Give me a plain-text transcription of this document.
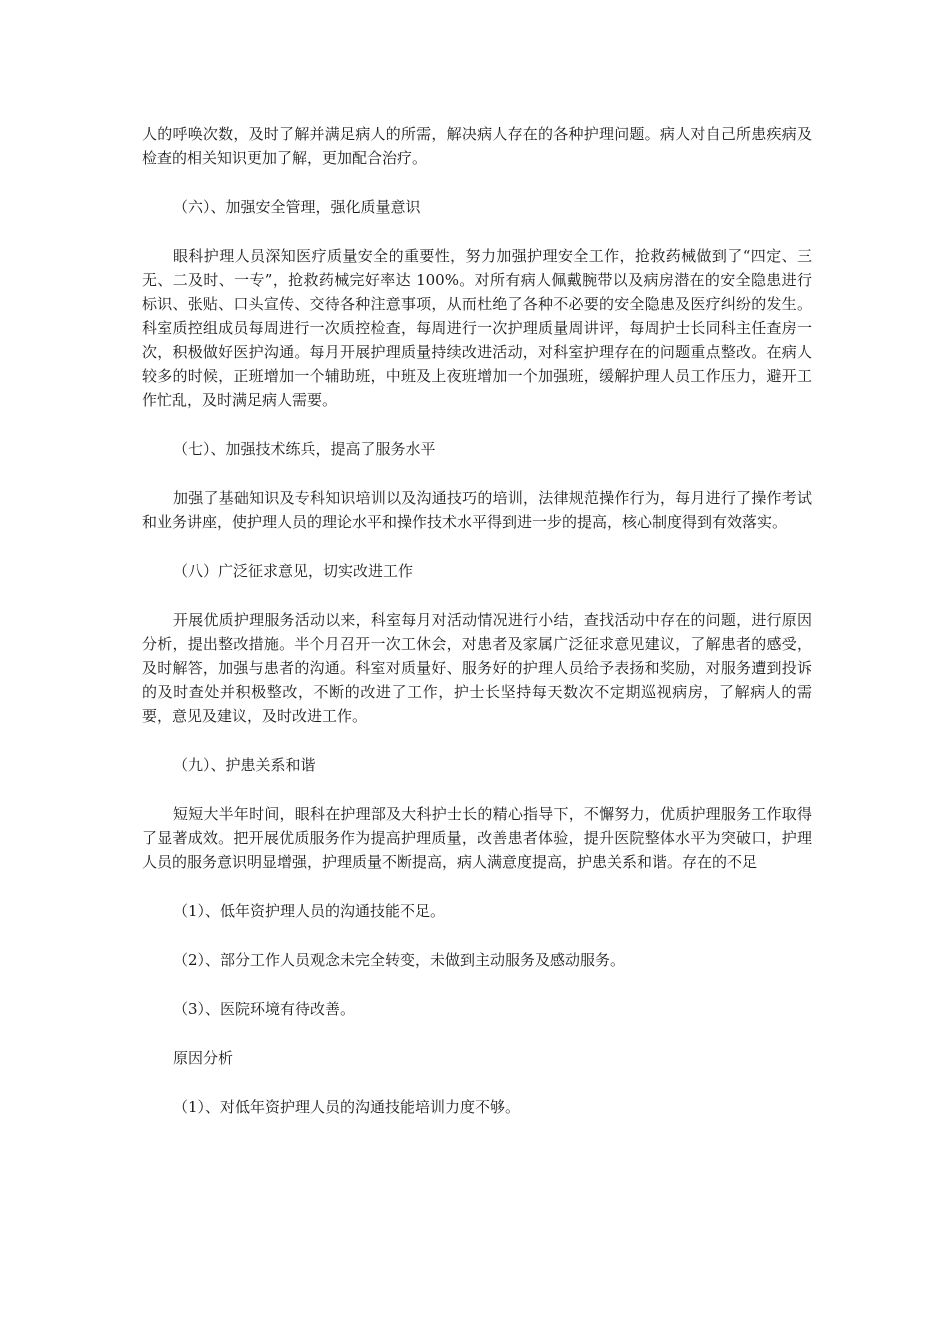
人的呼唤次数，及时了解并满足病人的所需，解决病人存在的各种护理问题。病人对自己所患疾病及检查的相关知识更加了解，更加配合治疗。

（六）、加强安全管理，强化质量意识

眼科护理人员深知医疗质量安全的重要性，努力加强护理安全工作，抢救药械做到了“四定、三无、二及时、一专”，抢救药械完好率达 100%。对所有病人佩戴腕带以及病房潜在的安全隐患进行标识、张贴、口头宣传、交待各种注意事项，从而杜绝了各种不必要的安全隐患及医疗纠纷的发生。科室质控组成员每周进行一次质控检查，每周进行一次护理质量周讲评，每周护士长同科主任查房一次，积极做好医护沟通。每月开展护理质量持续改进活动，对科室护理存在的问题重点整改。在病人较多的时候，正班增加一个辅助班，中班及上夜班增加一个加强班，缓解护理人员工作压力，避开工作忙乱，及时满足病人需要。

（七）、加强技术练兵，提高了服务水平

加强了基础知识及专科知识培训以及沟通技巧的培训，法律规范操作行为，每月进行了操作考试和业务讲座，使护理人员的理论水平和操作技术水平得到进一步的提高，核心制度得到有效落实。

（八）广泛征求意见，切实改进工作

开展优质护理服务活动以来，科室每月对活动情况进行小结，查找活动中存在的问题，进行原因分析，提出整改措施。半个月召开一次工休会，对患者及家属广泛征求意见建议，了解患者的感受，及时解答，加强与患者的沟通。科室对质量好、服务好的护理人员给予表扬和奖励，对服务遭到投诉的及时查处并积极整改，不断的改进了工作，护士长坚持每天数次不定期巡视病房，了解病人的需要，意见及建议，及时改进工作。

（九）、护患关系和谐

短短大半年时间，眼科在护理部及大科护士长的精心指导下，不懈努力，优质护理服务工作取得了显著成效。把开展优质服务作为提高护理质量，改善患者体验，提升医院整体水平为突破口，护理人员的服务意识明显增强，护理质量不断提高，病人满意度提高，护患关系和谐。存在的不足

（1）、低年资护理人员的沟通技能不足。

（2）、部分工作人员观念未完全转变，未做到主动服务及感动服务。

（3）、医院环境有待改善。

原因分析

（1）、对低年资护理人员的沟通技能培训力度不够。
